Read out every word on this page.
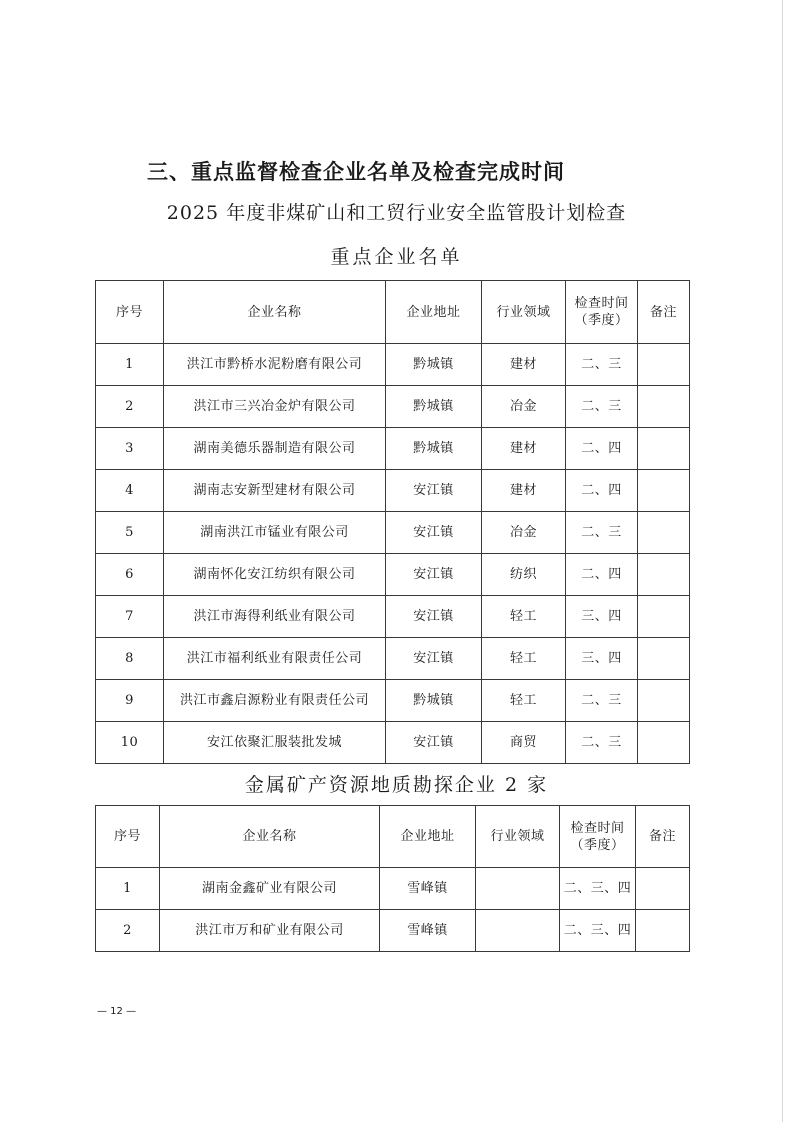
三、重点监督检查企业名单及检查完成时间
2025 年度非煤矿山和工贸行业安全监管股计划检查
重点企业名单
序号	企业名称	企业地址	行业领域	检查时间（季度）	备注
1	洪江市黔桥水泥粉磨有限公司	黔城镇	建材	二、三	
2	洪江市三兴冶金炉有限公司	黔城镇	冶金	二、三	
3	湖南美德乐器制造有限公司	黔城镇	建材	二、四	
4	湖南志安新型建材有限公司	安江镇	建材	二、四	
5	湖南洪江市锰业有限公司	安江镇	冶金	二、三	
6	湖南怀化安江纺织有限公司	安江镇	纺织	二、四	
7	洪江市海得利纸业有限公司	安江镇	轻工	三、四	
8	洪江市福利纸业有限责任公司	安江镇	轻工	三、四	
9	洪江市鑫启源粉业有限责任公司	黔城镇	轻工	二、三	
10	安江依聚汇服装批发城	安江镇	商贸	二、三	
金属矿产资源地质勘探企业 2 家
序号	企业名称	企业地址	行业领域	检查时间（季度）	备注
1	湖南金鑫矿业有限公司	雪峰镇		二、三、四	
2	洪江市万和矿业有限公司	雪峰镇		二、三、四	
— 12 —
